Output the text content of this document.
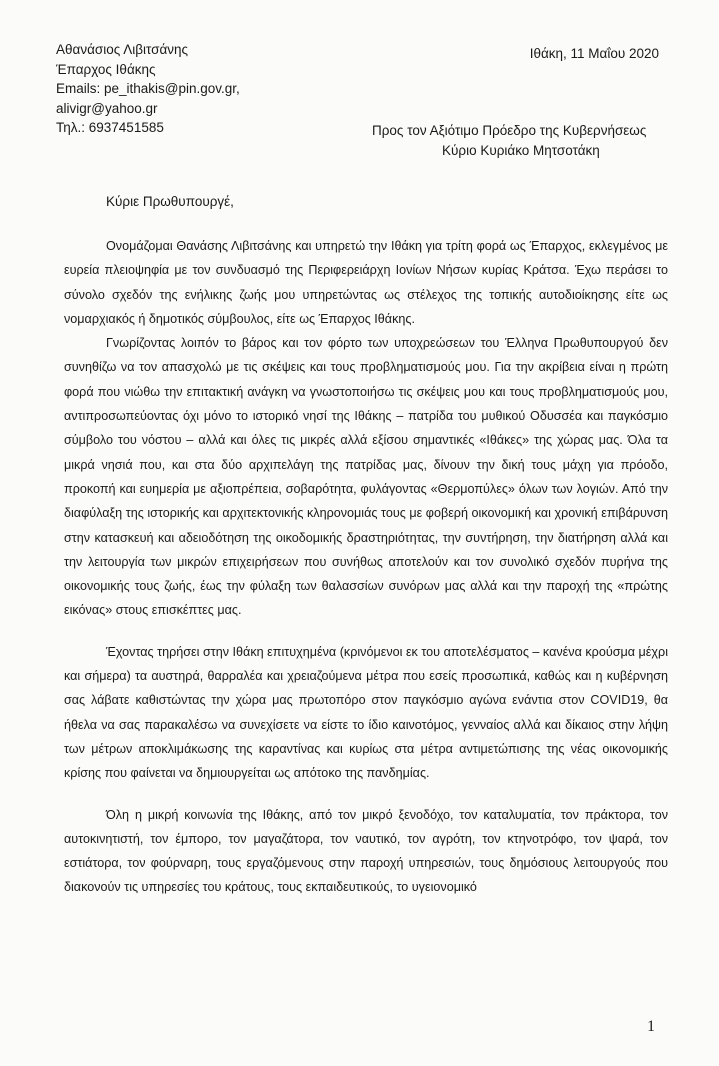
Αθανάσιος Λιβιτσάνης
Έπαρχος Ιθάκης
Emails: pe_ithakis@pin.gov.gr,
alivigr@yahoo.gr
Τηλ.: 6937451585
Ιθάκη, 11 Μαΐου 2020
Προς τον Αξιότιμο Πρόεδρο της Κυβερνήσεως
Κύριο Κυριάκο Μητσοτάκη
Κύριε Πρωθυπουργέ,

Ονομάζομαι Θανάσης Λιβιτσάνης και υπηρετώ την Ιθάκη για τρίτη φορά ως Έπαρχος, εκλεγμένος με ευρεία πλειοψηφία με τον συνδυασμό της Περιφερειάρχη Ιονίων Νήσων κυρίας Κράτσα. Έχω περάσει το σύνολο σχεδόν της ενήλικης ζωής μου υπηρετώντας ως στέλεχος της τοπικής αυτοδιοίκησης είτε ως νομαρχιακός ή δημοτικός σύμβουλος, είτε ως Έπαρχος Ιθάκης.

Γνωρίζοντας λοιπόν το βάρος και τον φόρτο των υποχρεώσεων του Έλληνα Πρωθυπουργού δεν συνηθίζω να τον απασχολώ με τις σκέψεις και τους προβληματισμούς μου. Για την ακρίβεια είναι η πρώτη φορά που νιώθω την επιτακτική ανάγκη να γνωστοποιήσω τις σκέψεις μου και τους προβληματισμούς μου, αντιπροσωπεύοντας όχι μόνο το ιστορικό νησί της Ιθάκης – πατρίδα του μυθικού Οδυσσέα και παγκόσμιο σύμβολο του νόστου – αλλά και όλες τις μικρές αλλά εξίσου σημαντικές «Ιθάκες» της χώρας μας. Όλα τα μικρά νησιά που, και στα δύο αρχιπελάγη της πατρίδας μας, δίνουν την δική τους μάχη για πρόοδο, προκοπή και ευημερία με αξιοπρέπεια, σοβαρότητα, φυλάγοντας «Θερμοπύλες» όλων των λογιών. Από την διαφύλαξη της ιστορικής και αρχιτεκτονικής κληρονομιάς τους με φοβερή οικονομική και χρονική επιβάρυνση στην κατασκευή και αδειοδότηση της οικοδομικής δραστηριότητας, την συντήρηση, την διατήρηση αλλά και την λειτουργία των μικρών επιχειρήσεων που συνήθως αποτελούν και τον συνολικό σχεδόν πυρήνα της οικονομικής τους ζωής, έως την φύλαξη των θαλασσίων συνόρων μας αλλά και την παροχή της «πρώτης εικόνας» στους επισκέπτες μας.

Έχοντας τηρήσει στην Ιθάκη επιτυχημένα (κρινόμενοι εκ του αποτελέσματος – κανένα κρούσμα μέχρι και σήμερα) τα αυστηρά, θαρραλέα και χρειαζούμενα μέτρα που εσείς προσωπικά, καθώς και η κυβέρνηση σας λάβατε καθιστώντας την χώρα μας πρωτοπόρο στον παγκόσμιο αγώνα ενάντια στον COVID19, θα ήθελα να σας παρακαλέσω να συνεχίσετε να είστε το ίδιο καινοτόμος, γενναίος αλλά και δίκαιος στην λήψη των μέτρων αποκλιμάκωσης της καραντίνας και κυρίως στα μέτρα αντιμετώπισης της νέας οικονομικής κρίσης που φαίνεται να δημιουργείται ως απότοκο της πανδημίας.

Όλη η μικρή κοινωνία της Ιθάκης, από τον μικρό ξενοδόχο, τον καταλυματία, τον πράκτορα, τον αυτοκινητιστή, τον έμπορο, τον μαγαζάτορα, τον ναυτικό, τον αγρότη, τον κτηνοτρόφο, τον ψαρά, τον εστιάτορα, τον φούρναρη, τους εργαζόμενους στην παροχή υπηρεσιών, τους δημόσιους λειτουργούς που διακονούν τις υπηρεσίες του κράτους, τους εκπαιδευτικούς, το υγειονομικό

1
